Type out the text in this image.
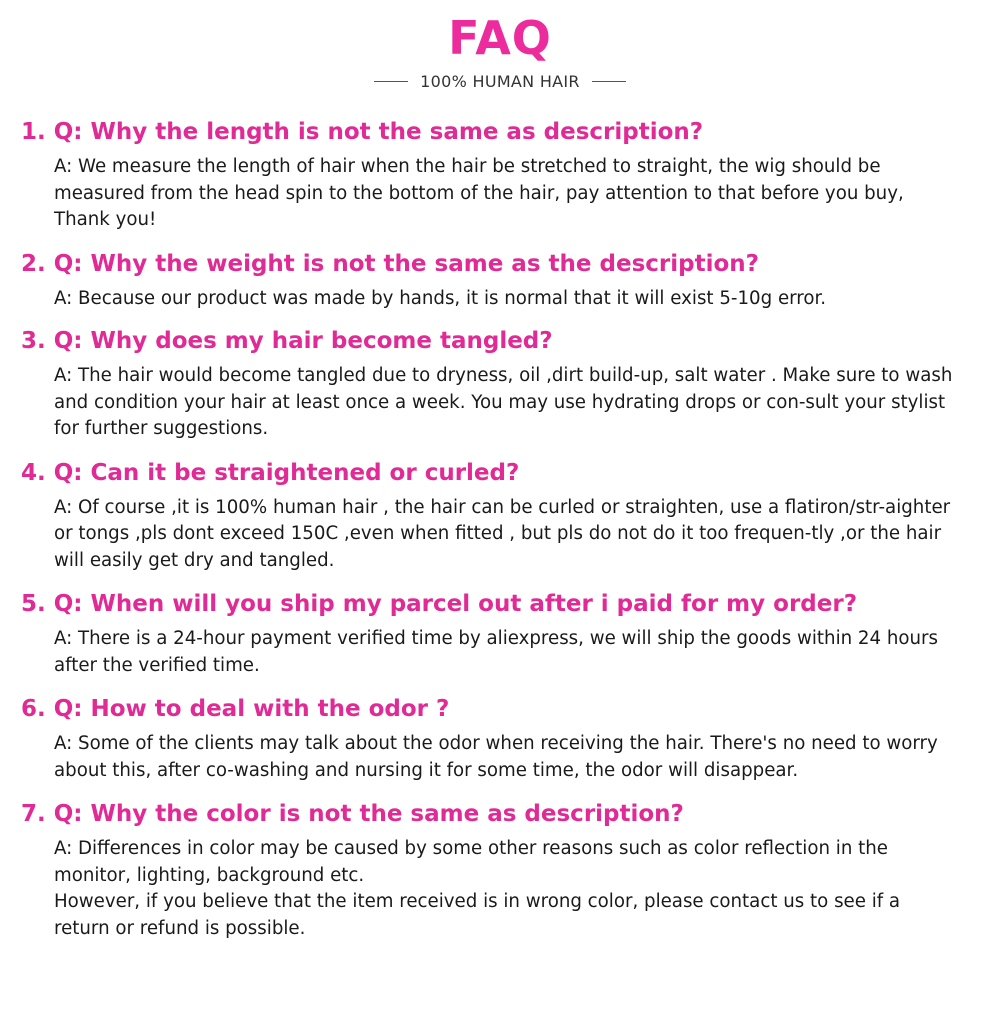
FAQ
100% HUMAN HAIR
1. Q: Why the length is not the same as description?

A: We measure the length of hair when the hair be stretched to straight, the wig should be measured from the head spin to the bottom of the hair, pay attention to that before you buy, Thank you!

2. Q: Why the weight is not the same as the description?

A: Because our product was made by hands, it is normal that it will exist 5-10g error.

3. Q: Why does my hair become tangled?

A: The hair would become tangled due to dryness, oil ,dirt build-up, salt water . Make sure to wash and condition your hair at least once a week. You may use hydrating drops or con-sult your stylist for further suggestions.

4. Q: Can it be straightened or curled?

A: Of course ,it is 100% human hair , the hair can be curled or straighten, use a flatiron/str-aighter or tongs ,pls dont exceed 150C ,even when fitted , but pls do not do it too frequen-tly ,or the hair will easily get dry and tangled.

5. Q: When will you ship my parcel out after i paid for my order?

A: There is a 24-hour payment verified time by aliexpress, we will ship the goods within 24 hours after the verified time.

6. Q: How to deal with the odor ?

A: Some of the clients may talk about the odor when receiving the hair. There's no need to worry about this, after co-washing and nursing it for some time, the odor will disappear.

7. Q: Why the color is not the same as description?

A: Differences in color may be caused by some other reasons such as color reflection in the monitor, lighting, background etc.

However, if you believe that the item received is in wrong color, please contact us to see if a return or refund is possible.
